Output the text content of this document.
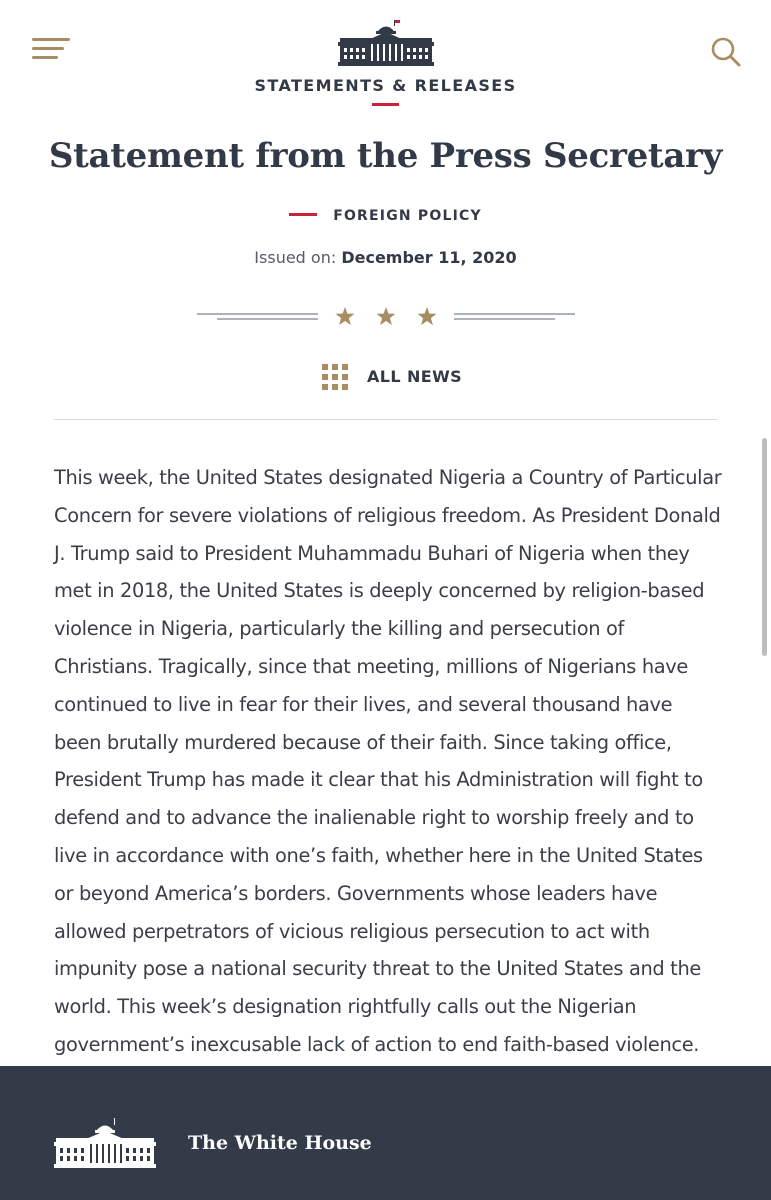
STATEMENTS & RELEASES
Statement from the Press Secretary
FOREIGN POLICY
Issued on: December 11, 2020
ALL NEWS

This week, the United States designated Nigeria a Country of Particular Concern for severe violations of religious freedom. As President Donald J. Trump said to President Muhammadu Buhari of Nigeria when they met in 2018, the United States is deeply concerned by religion-based violence in Nigeria, particularly the killing and persecution of Christians. Tragically, since that meeting, millions of Nigerians have continued to live in fear for their lives, and several thousand have been brutally murdered because of their faith. Since taking office, President Trump has made it clear that his Administration will fight to defend and to advance the inalienable right to worship freely and to live in accordance with one’s faith, whether here in the United States or beyond America’s borders. Governments whose leaders have allowed perpetrators of vicious religious persecution to act with impunity pose a national security threat to the United States and the world. This week’s designation rightfully calls out the Nigerian government’s inexcusable lack of action to end faith-based violence.

The White House
